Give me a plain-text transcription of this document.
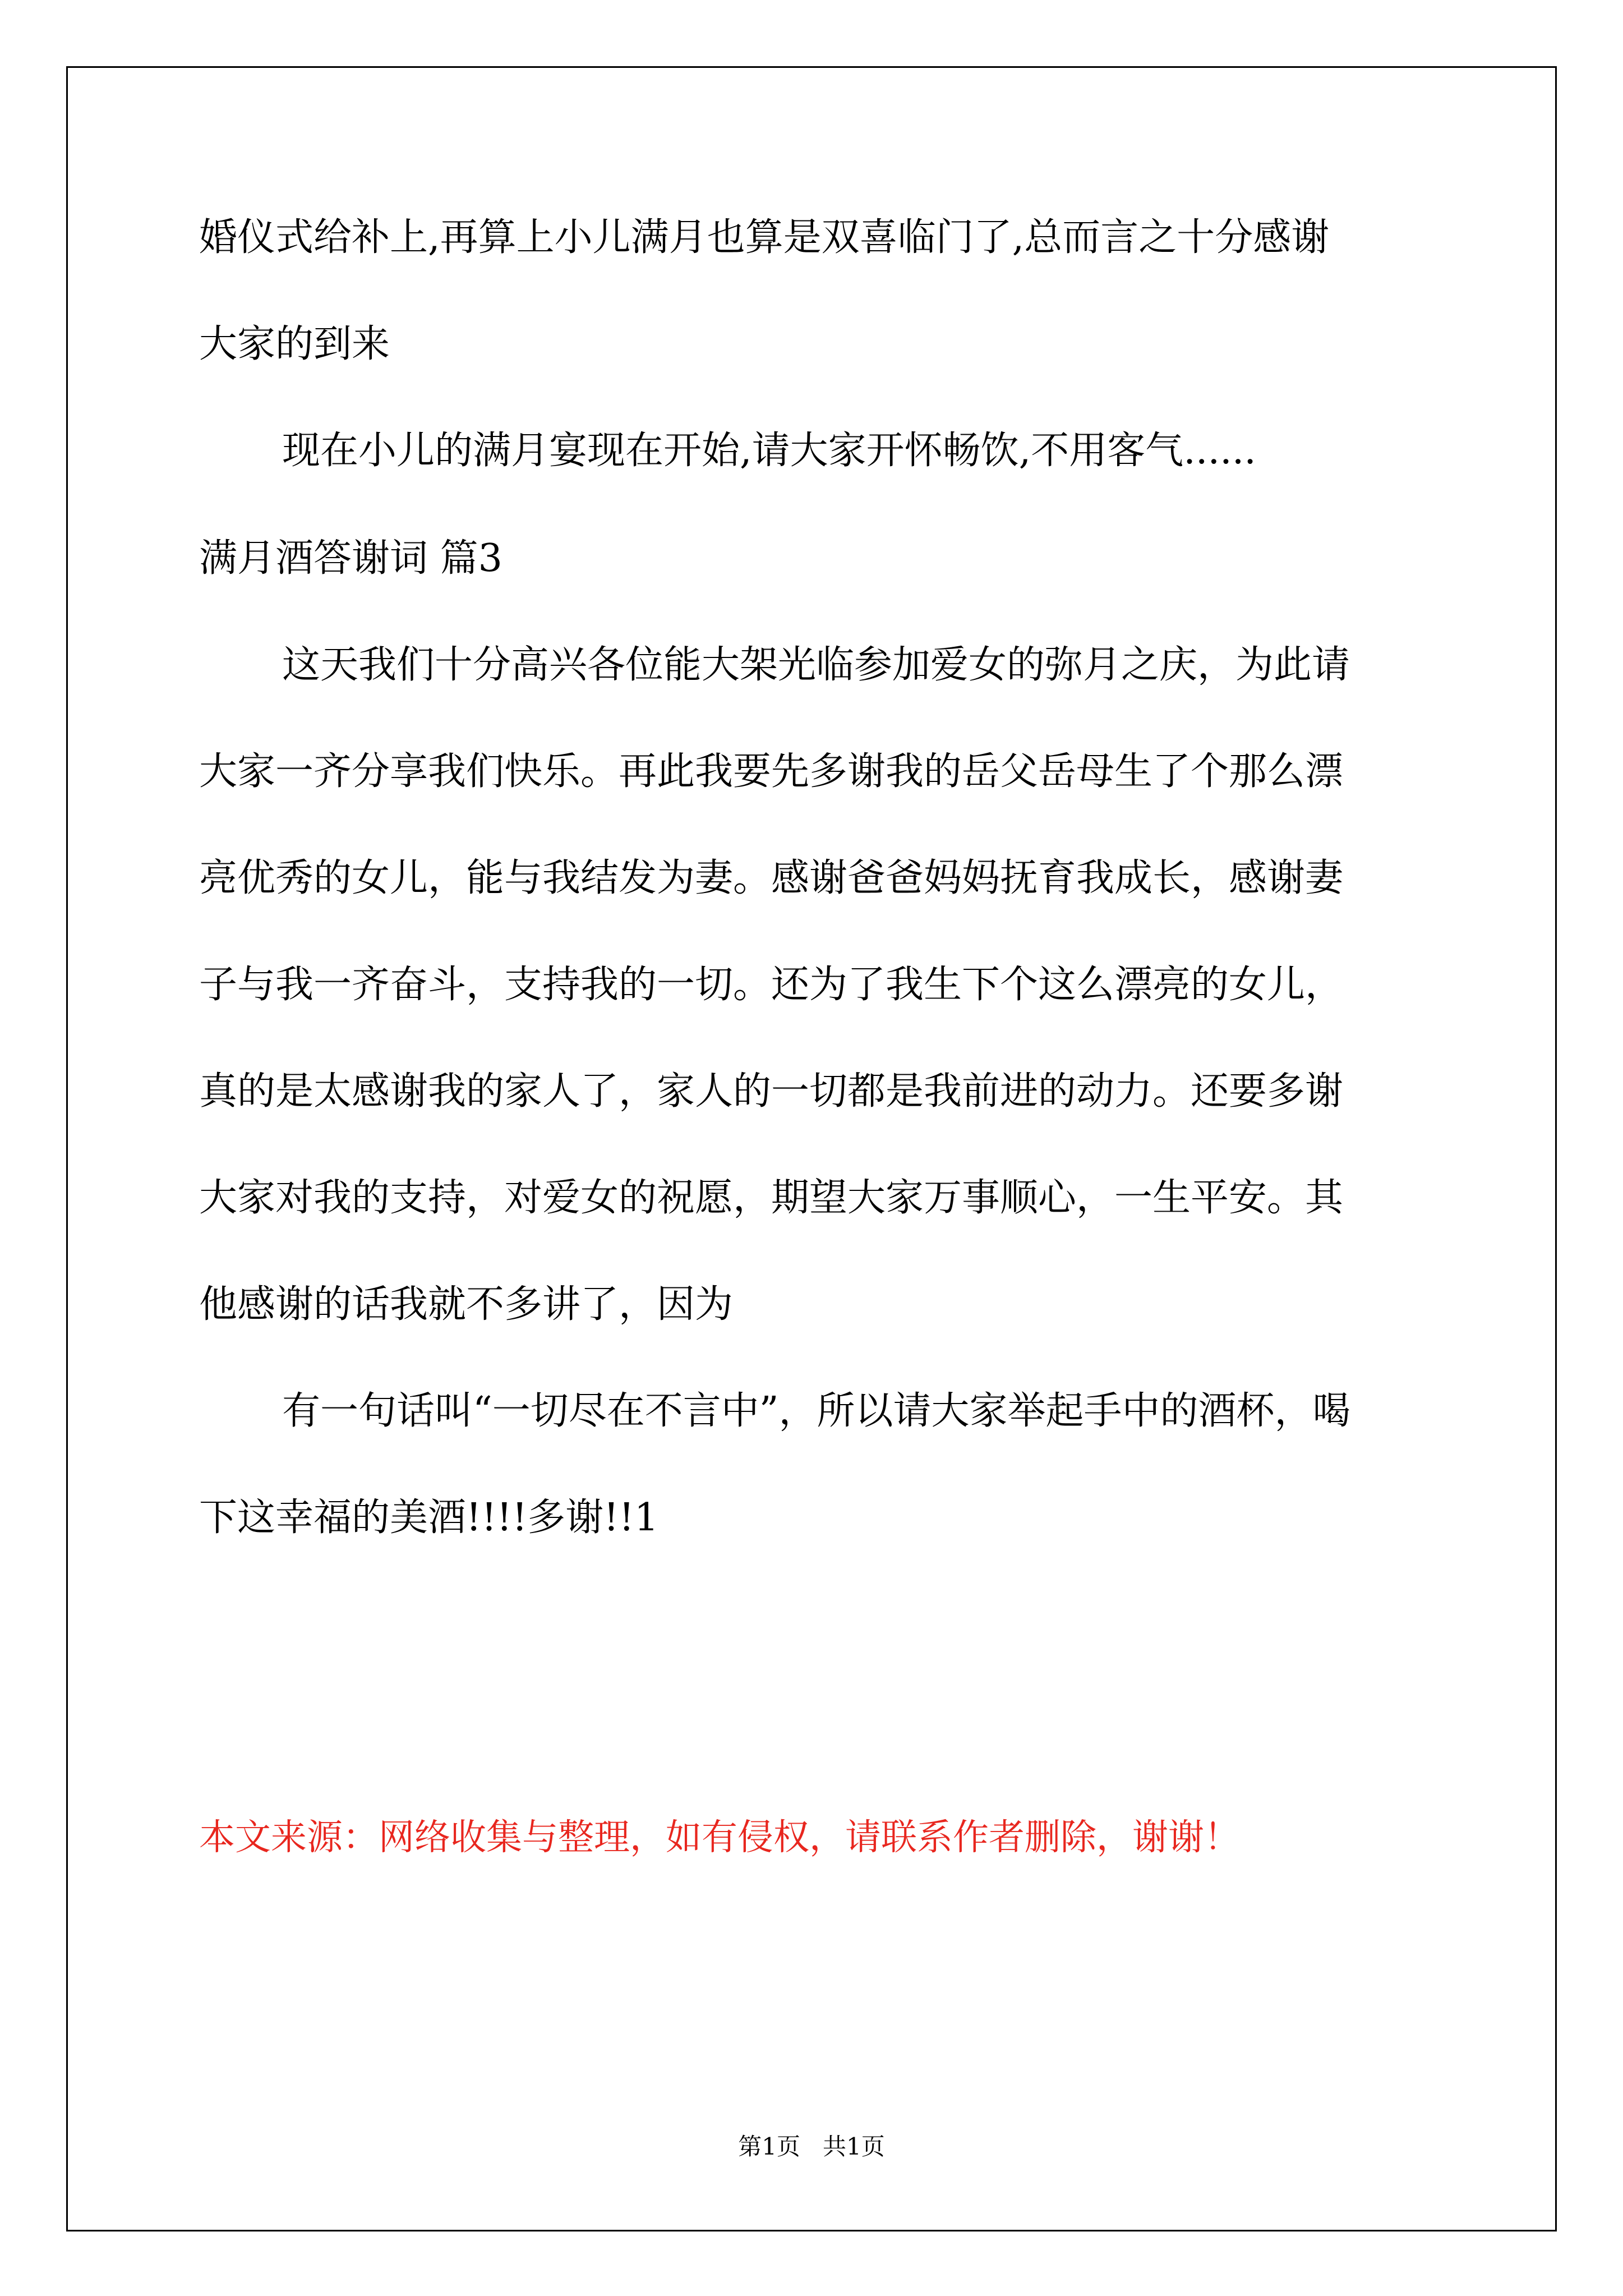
婚仪式给补上,再算上小儿满月也算是双喜临门了,总而言之十分感谢
大家的到来
现在小儿的满月宴现在开始,请大家开怀畅饮,不用客气......
满月酒答谢词 篇3
这天我们十分高兴各位能大架光临参加爱女的弥月之庆，为此请
大家一齐分享我们快乐。再此我要先多谢我的岳父岳母生了个那么漂
亮优秀的女儿，能与我结发为妻。感谢爸爸妈妈抚育我成长，感谢妻
子与我一齐奋斗，支持我的一切。还为了我生下个这么漂亮的女儿，
真的是太感谢我的家人了，家人的一切都是我前进的动力。还要多谢
大家对我的支持，对爱女的祝愿，期望大家万事顺心，一生平安。其
他感谢的话我就不多讲了，因为
有一句话叫“一切尽在不言中”，所以请大家举起手中的酒杯，喝
下这幸福的美酒!!!!多谢!!1
本文来源：网络收集与整理，如有侵权，请联系作者删除，谢谢！
第1页   共1页
